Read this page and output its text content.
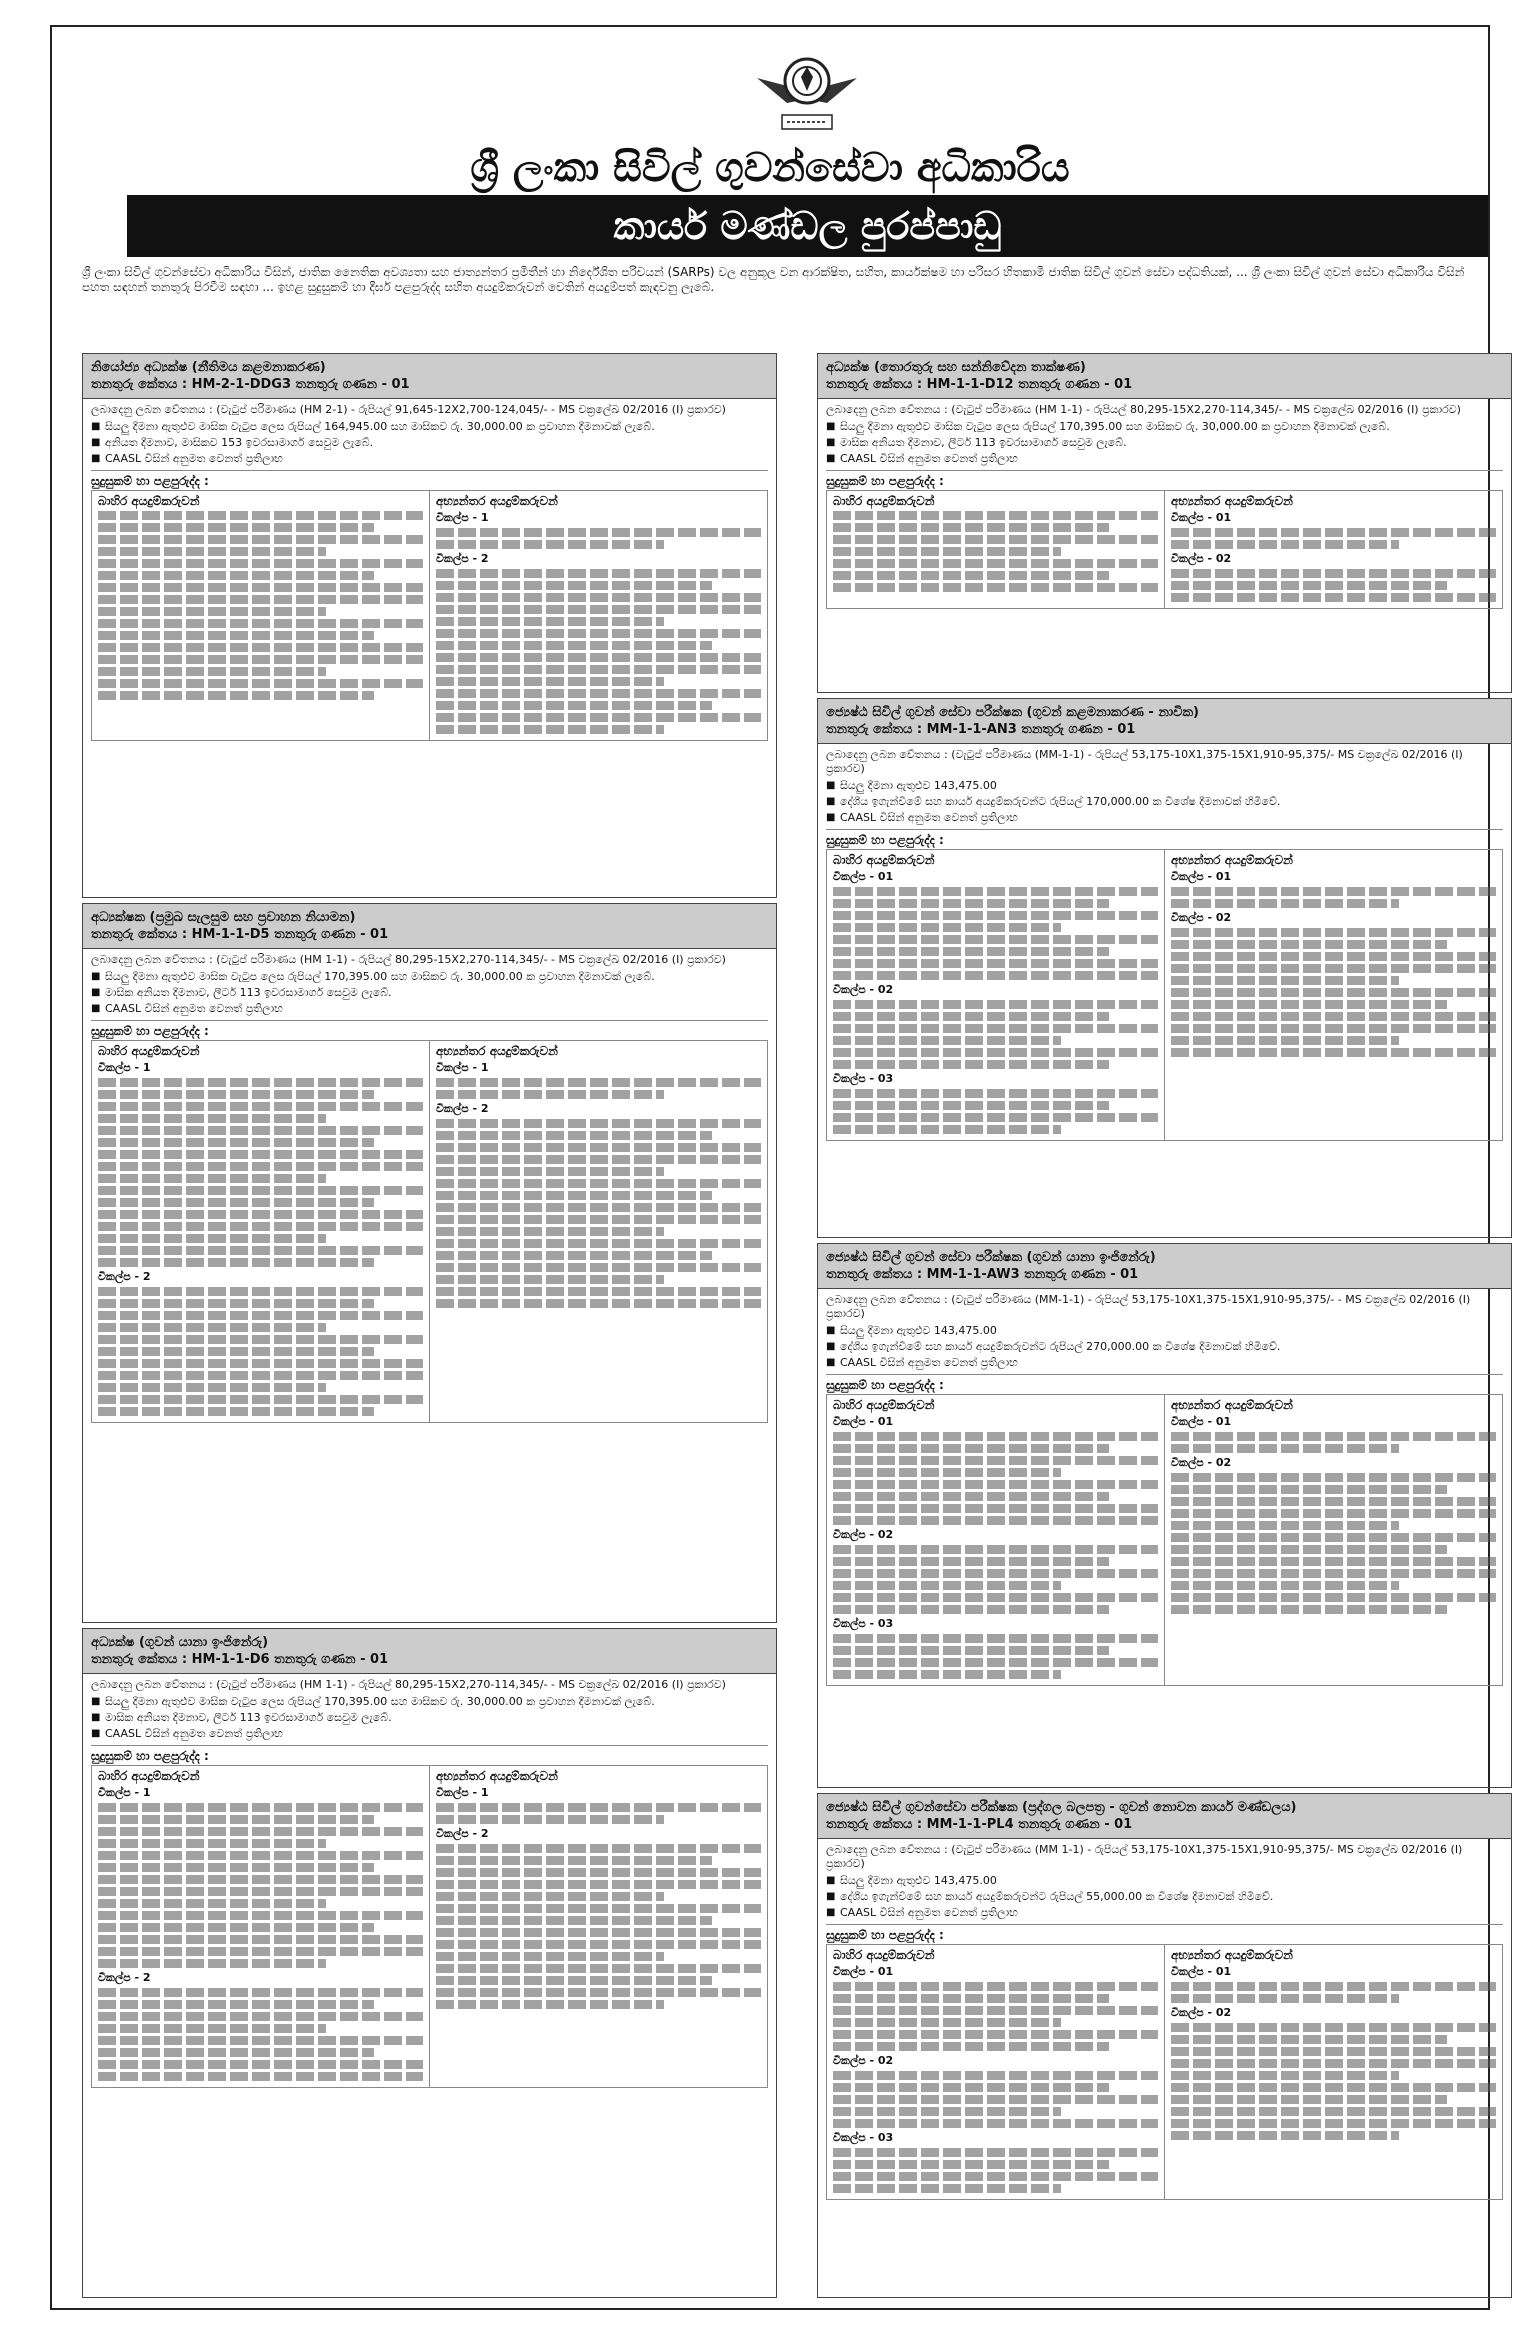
ශ්‍රී ලංකා සිවිල් ගුවන්සේවා අධිකාරිය
කාර්ය මණ්ඩල පුරප්පාඩු
ශ්‍රී ලංකා සිවිල් ගුවන්සේවා අධිකාරිය විසින්, ජාතික නෛතික අවශ්‍යතා සහ ජාත්‍යන්තර ප්‍රමිතීන් හා නිර්දේශිත පරිචයන් (SARPs) වල අනුකූල වන ආරක්ෂිත, සහිත, කාර්යක්ෂම හා පරිසර හිතකාමී ජාතික සිවිල් ගුවන් සේවා පද්ධතියක්, ... ශ්‍රී ලංකා සිවිල් ගුවන් සේවා අධිකාරිය විසින් පහත සඳහන් තනතුරු පිරවීම සඳහා ... ඉහළ සුදුසුකම් හා දීර්ඝ පළපුරුද්ද සහිත අයදුම්කරුවන් වෙතින් අයදුම්පත් කැඳවනු ලැබේ.
නියෝජ්‍ය අධ්‍යක්ෂ (නීතිමය කළමනාකරණ)
තනතුරු කේතය : HM-2-1-DDG3 තනතුරු ගණන - 01
ලබාදෙනු ලබන වේතනය : (වැටුප් පරිමාණය (HM 2-1) - රුපියල් 91,645-12X2,700-124,045/- - MS චක්‍රලේඛ 02/2016 (I) ප්‍රකාරව)
■ සියලු දීමනා ඇතුළුව මාසික වැටුප ලෙස රුපියල් 164,945.00 සහ මාසිකව රු. 30,000.00 ක ප්‍රවාහන දීමනාවක් ලැබේ.
■ අනියත දීමනාව, මාසිකව 153 ඉවරසාමාර්ග සෙවුම ලැබේ.
■ CAASL විසින් අනුමත වෙනත් ප්‍රතිලාභ
සුදුසුකම් හා පළපුරුද්ද :
බාහිර අයදුම්කරුවන්	අභ්‍යන්තර අයදුම්කරුවන්

විකල්ප - 1

විකල්ප - 2

අධ්‍යක්ෂක (ප්‍රමුඛ සැලසුම සහ ප්‍රවාහන නියාමන)
තනතුරු කේතය : HM-1-1-D5 තනතුරු ගණන - 01
ලබාදෙනු ලබන වේතනය : (වැටුප් පරිමාණය (HM 1-1) - රුපියල් 80,295-15X2,270-114,345/- - MS චක්‍රලේඛ 02/2016 (I) ප්‍රකාරව)
■ සියලු දීමනා ඇතුළුව මාසික වැටුප ලෙස රුපියල් 170,395.00 සහ මාසිකව රු. 30,000.00 ක ප්‍රවාහන දීමනාවක් ලැබේ.
■ මාසික අනියත දීමනාව, ලීටර් 113 ඉවරසාමාර්ග සෙවුම ලැබේ.
■ CAASL විසින් අනුමත වෙනත් ප්‍රතිලාභ
සුදුසුකම් හා පළපුරුද්ද :
බාහිර අයදුම්කරුවන්

විකල්ප - 1

විකල්ප - 2

අභ්‍යන්තර අයදුම්කරුවන්

විකල්ප - 1

විකල්ප - 2

අධ්‍යක්ෂ (ගුවන් යානා ඉංජිනේරු)
තනතුරු කේතය : HM-1-1-D6 තනතුරු ගණන - 01
ලබාදෙනු ලබන වේතනය : (වැටුප් පරිමාණය (HM 1-1) - රුපියල් 80,295-15X2,270-114,345/- - MS චක්‍රලේඛ 02/2016 (I) ප්‍රකාරව)
■ සියලු දීමනා ඇතුළුව මාසික වැටුප ලෙස රුපියල් 170,395.00 සහ මාසිකව රු. 30,000.00 ක ප්‍රවාහන දීමනාවක් ලැබේ.
■ මාසික අනියත දීමනාව, ලීටර් 113 ඉවරසාමාර්ග සෙවුම ලැබේ.
■ CAASL විසින් අනුමත වෙනත් ප්‍රතිලාභ
සුදුසුකම් හා පළපුරුද්ද :
බාහිර අයදුම්කරුවන්

විකල්ප - 1

විකල්ප - 2

අභ්‍යන්තර අයදුම්කරුවන්

විකල්ප - 1

විකල්ප - 2

අධ්‍යක්ෂ (තොරතුරු සහ සන්නිවේදන තාක්ෂණ)
තනතුරු කේතය : HM-1-1-D12 තනතුරු ගණන - 01
ලබාදෙනු ලබන වේතනය : (වැටුප් පරිමාණය (HM 1-1) - රුපියල් 80,295-15X2,270-114,345/- - MS චක්‍රලේඛ 02/2016 (I) ප්‍රකාරව)
■ සියලු දීමනා ඇතුළුව මාසික වැටුප ලෙස රුපියල් 170,395.00 සහ මාසිකව රු. 30,000.00 ක ප්‍රවාහන දීමනාවක් ලැබේ.
■ මාසික අනියත දීමනාව, ලීටර් 113 ඉවරසාමාර්ග සෙවුම ලැබේ.
■ CAASL විසින් අනුමත වෙනත් ප්‍රතිලාභ
සුදුසුකම් හා පළපුරුද්ද :
බාහිර අයදුම්කරුවන්	අභ්‍යන්තර අයදුම්කරුවන්

විකල්ප - 01

විකල්ප - 02

ජ්‍යෙෂ්ඨ සිවිල් ගුවන් සේවා පරීක්ෂක (ගුවන් කළමනාකරණ - නාවික)
තනතුරු කේතය : MM-1-1-AN3 තනතුරු ගණන - 01
ලබාදෙනු ලබන වේතනය : (වැටුප් පරිමාණය (MM-1-1) - රුපියල් 53,175-10X1,375-15X1,910-95,375/- MS චක්‍රලේඛ 02/2016 (I) ප්‍රකාරව)
■ සියලු දීමනා ඇතුළුව 143,475.00
■ දේශීය ඉගැන්වීමේ සහ කාර්ය අයදුම්කරුවන්ට රුපියල් 170,000.00 ක විශේෂ දීමනාවක් හිමිවේ.
■ CAASL විසින් අනුමත වෙනත් ප්‍රතිලාභ
සුදුසුකම් හා පළපුරුද්ද :
බාහිර අයදුම්කරුවන්

විකල්ප - 01

විකල්ප - 02

විකල්ප - 03

අභ්‍යන්තර අයදුම්කරුවන්

විකල්ප - 01

විකල්ප - 02

ජ්‍යෙෂ්ඨ සිවිල් ගුවන් සේවා පරීක්ෂක (ගුවන් යානා ඉංජිනේරු)
තනතුරු කේතය : MM-1-1-AW3 තනතුරු ගණන - 01
ලබාදෙනු ලබන වේතනය : (වැටුප් පරිමාණය (MM-1-1) - රුපියල් 53,175-10X1,375-15X1,910-95,375/- - MS චක්‍රලේඛ 02/2016 (I) ප්‍රකාරව)
■ සියලු දීමනා ඇතුළුව 143,475.00
■ දේශීය ඉගැන්වීමේ සහ කාර්ය අයදුම්කරුවන්ට රුපියල් 270,000.00 ක විශේෂ දීමනාවක් හිමිවේ.
■ CAASL විසින් අනුමත වෙනත් ප්‍රතිලාභ
සුදුසුකම් හා පළපුරුද්ද :
බාහිර අයදුම්කරුවන්

විකල්ප - 01

විකල්ප - 02

විකල්ප - 03

අභ්‍යන්තර අයදුම්කරුවන්

විකල්ප - 01

විකල්ප - 02

ජ්‍යෙෂ්ඨ සිවිල් ගුවන්සේවා පරීක්ෂක (ප්‍රද්ගල බලපත්‍ර - ගුවන් නොවන කාර්ය මණ්ඩලය)
තනතුරු කේතය : MM-1-1-PL4 තනතුරු ගණන - 01
ලබාදෙනු ලබන වේතනය : (වැටුප් පරිමාණය (MM 1-1) - රුපියල් 53,175-10X1,375-15X1,910-95,375/- MS චක්‍රලේඛ 02/2016 (I) ප්‍රකාරව)
■ සියලු දීමනා ඇතුළුව 143,475.00
■ දේශීය ඉගැන්වීමේ සහ කාර්ය අයදුම්කරුවන්ට රුපියල් 55,000.00 ක විශේෂ දීමනාවක් හිමිවේ.
■ CAASL විසින් අනුමත වෙනත් ප්‍රතිලාභ
සුදුසුකම් හා පළපුරුද්ද :
බාහිර අයදුම්කරුවන්

විකල්ප - 01

විකල්ප - 02

විකල්ප - 03

අභ්‍යන්තර අයදුම්කරුවන්

විකල්ප - 01

විකල්ප - 02
